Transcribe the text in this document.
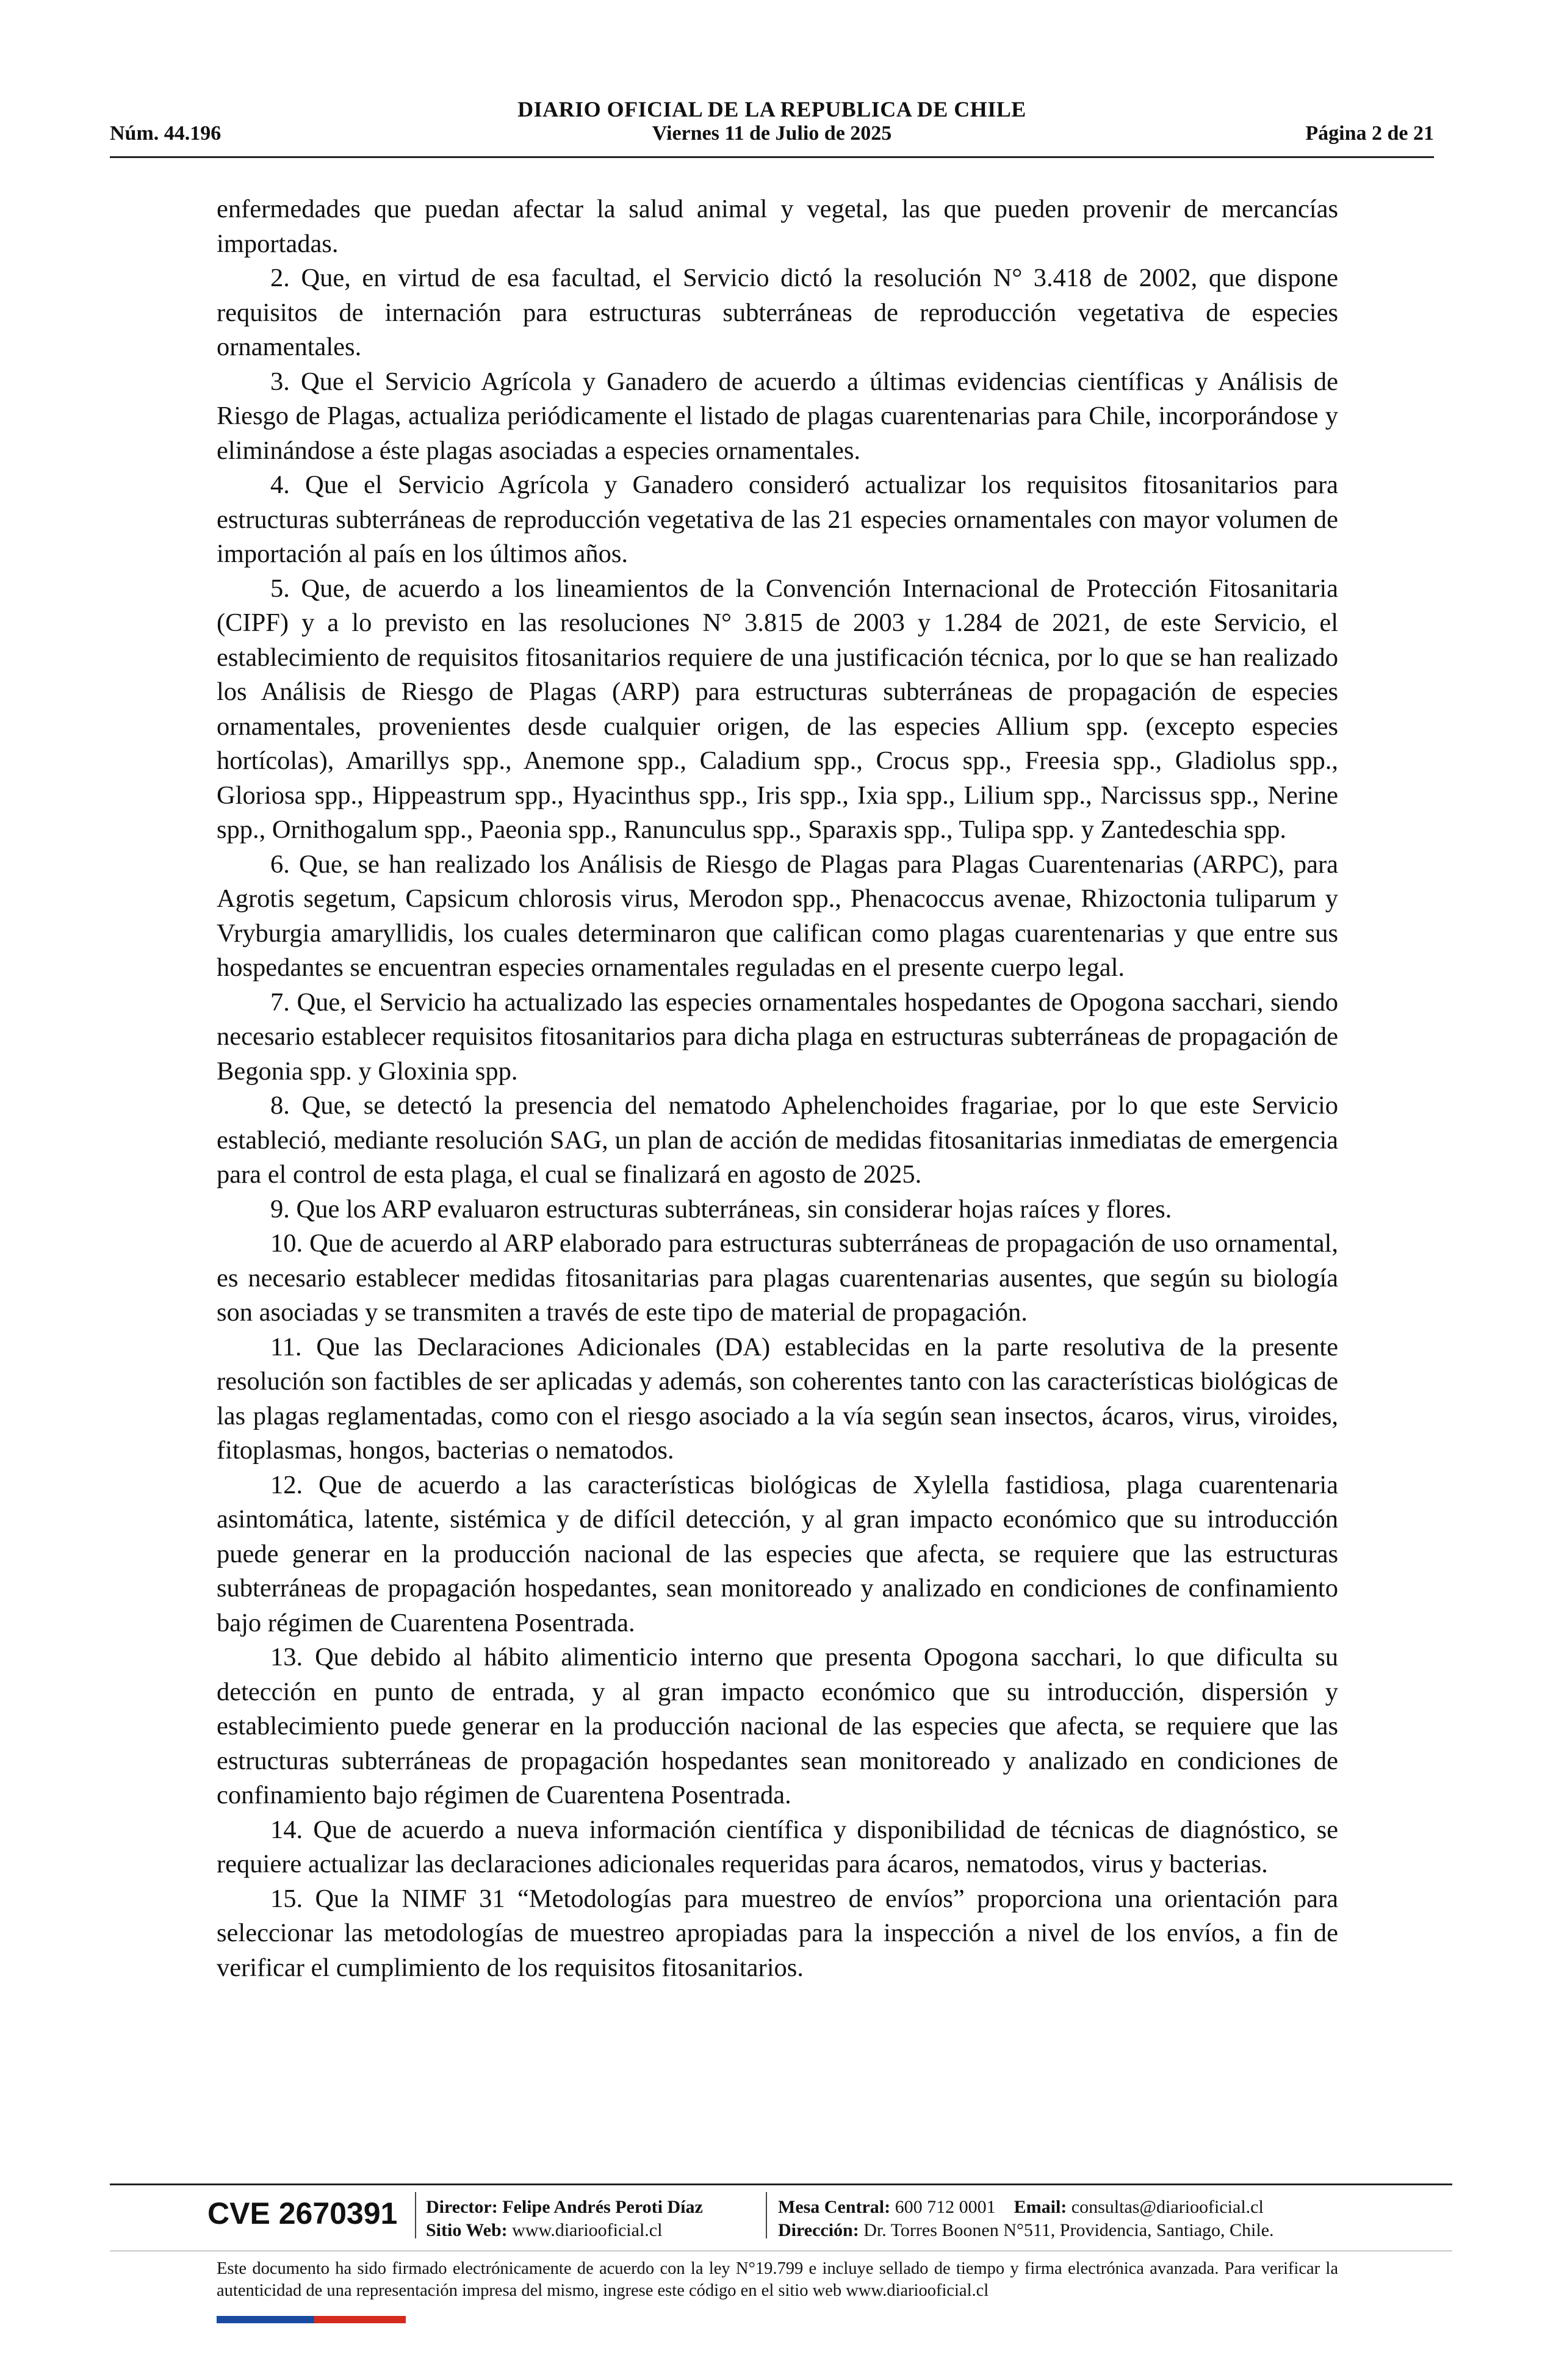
DIARIO OFICIAL DE LA REPUBLICA DE CHILE
Núm. 44.196	Viernes 11 de Julio de 2025	Página 2 de 21

enfermedades que puedan afectar la salud animal y vegetal, las que pueden provenir de mercancías importadas.

2. Que, en virtud de esa facultad, el Servicio dictó la resolución N° 3.418 de 2002, que dispone requisitos de internación para estructuras subterráneas de reproducción vegetativa de especies ornamentales.

3. Que el Servicio Agrícola y Ganadero de acuerdo a últimas evidencias científicas y Análisis de Riesgo de Plagas, actualiza periódicamente el listado de plagas cuarentenarias para Chile, incorporándose y eliminándose a éste plagas asociadas a especies ornamentales.

4. Que el Servicio Agrícola y Ganadero consideró actualizar los requisitos fitosanitarios para estructuras subterráneas de reproducción vegetativa de las 21 especies ornamentales con mayor volumen de importación al país en los últimos años.

5. Que, de acuerdo a los lineamientos de la Convención Internacional de Protección Fitosanitaria (CIPF) y a lo previsto en las resoluciones N° 3.815 de 2003 y 1.284 de 2021, de este Servicio, el establecimiento de requisitos fitosanitarios requiere de una justificación técnica, por lo que se han realizado los Análisis de Riesgo de Plagas (ARP) para estructuras subterráneas de propagación de especies ornamentales, provenientes desde cualquier origen, de las especies Allium spp. (excepto especies hortícolas), Amarillys spp., Anemone spp., Caladium spp., Crocus spp., Freesia spp., Gladiolus spp., Gloriosa spp., Hippeastrum spp., Hyacinthus spp., Iris spp., Ixia spp., Lilium spp., Narcissus spp., Nerine spp., Ornithogalum spp., Paeonia spp., Ranunculus spp., Sparaxis spp., Tulipa spp. y Zantedeschia spp.

6. Que, se han realizado los Análisis de Riesgo de Plagas para Plagas Cuarentenarias (ARPC), para Agrotis segetum, Capsicum chlorosis virus, Merodon spp., Phenacoccus avenae, Rhizoctonia tuliparum y Vryburgia amaryllidis, los cuales determinaron que califican como plagas cuarentenarias y que entre sus hospedantes se encuentran especies ornamentales reguladas en el presente cuerpo legal.

7. Que, el Servicio ha actualizado las especies ornamentales hospedantes de Opogona sacchari, siendo necesario establecer requisitos fitosanitarios para dicha plaga en estructuras subterráneas de propagación de Begonia spp. y Gloxinia spp.

8. Que, se detectó la presencia del nematodo Aphelenchoides fragariae, por lo que este Servicio estableció, mediante resolución SAG, un plan de acción de medidas fitosanitarias inmediatas de emergencia para el control de esta plaga, el cual se finalizará en agosto de 2025.

9. Que los ARP evaluaron estructuras subterráneas, sin considerar hojas raíces y flores.

10. Que de acuerdo al ARP elaborado para estructuras subterráneas de propagación de uso ornamental, es necesario establecer medidas fitosanitarias para plagas cuarentenarias ausentes, que según su biología son asociadas y se transmiten a través de este tipo de material de propagación.

11. Que las Declaraciones Adicionales (DA) establecidas en la parte resolutiva de la presente resolución son factibles de ser aplicadas y además, son coherentes tanto con las características biológicas de las plagas reglamentadas, como con el riesgo asociado a la vía según sean insectos, ácaros, virus, viroides, fitoplasmas, hongos, bacterias o nematodos.

12. Que de acuerdo a las características biológicas de Xylella fastidiosa, plaga cuarentenaria asintomática, latente, sistémica y de difícil detección, y al gran impacto económico que su introducción puede generar en la producción nacional de las especies que afecta, se requiere que las estructuras subterráneas de propagación hospedantes, sean monitoreado y analizado en condiciones de confinamiento bajo régimen de Cuarentena Posentrada.

13. Que debido al hábito alimenticio interno que presenta Opogona sacchari, lo que dificulta su detección en punto de entrada, y al gran impacto económico que su introducción, dispersión y establecimiento puede generar en la producción nacional de las especies que afecta, se requiere que las estructuras subterráneas de propagación hospedantes sean monitoreado y analizado en condiciones de confinamiento bajo régimen de Cuarentena Posentrada.

14. Que de acuerdo a nueva información científica y disponibilidad de técnicas de diagnóstico, se requiere actualizar las declaraciones adicionales requeridas para ácaros, nematodos, virus y bacterias.

15. Que la NIMF 31 “Metodologías para muestreo de envíos” proporciona una orientación para seleccionar las metodologías de muestreo apropiadas para la inspección a nivel de los envíos, a fin de verificar el cumplimiento de los requisitos fitosanitarios.

CVE 2670391	Director: Felipe Andrés Peroti Díaz
Sitio Web: www.diariooficial.cl
Mesa Central: 600 712 0001 Email: consultas@diariooficial.cl
Dirección: Dr. Torres Boonen N°511, Providencia, Santiago, Chile.
Este documento ha sido firmado electrónicamente de acuerdo con la ley N°19.799 e incluye sellado de tiempo y firma electrónica avanzada. Para verificar la autenticidad de una representación impresa del mismo, ingrese este código en el sitio web www.diariooficial.cl
